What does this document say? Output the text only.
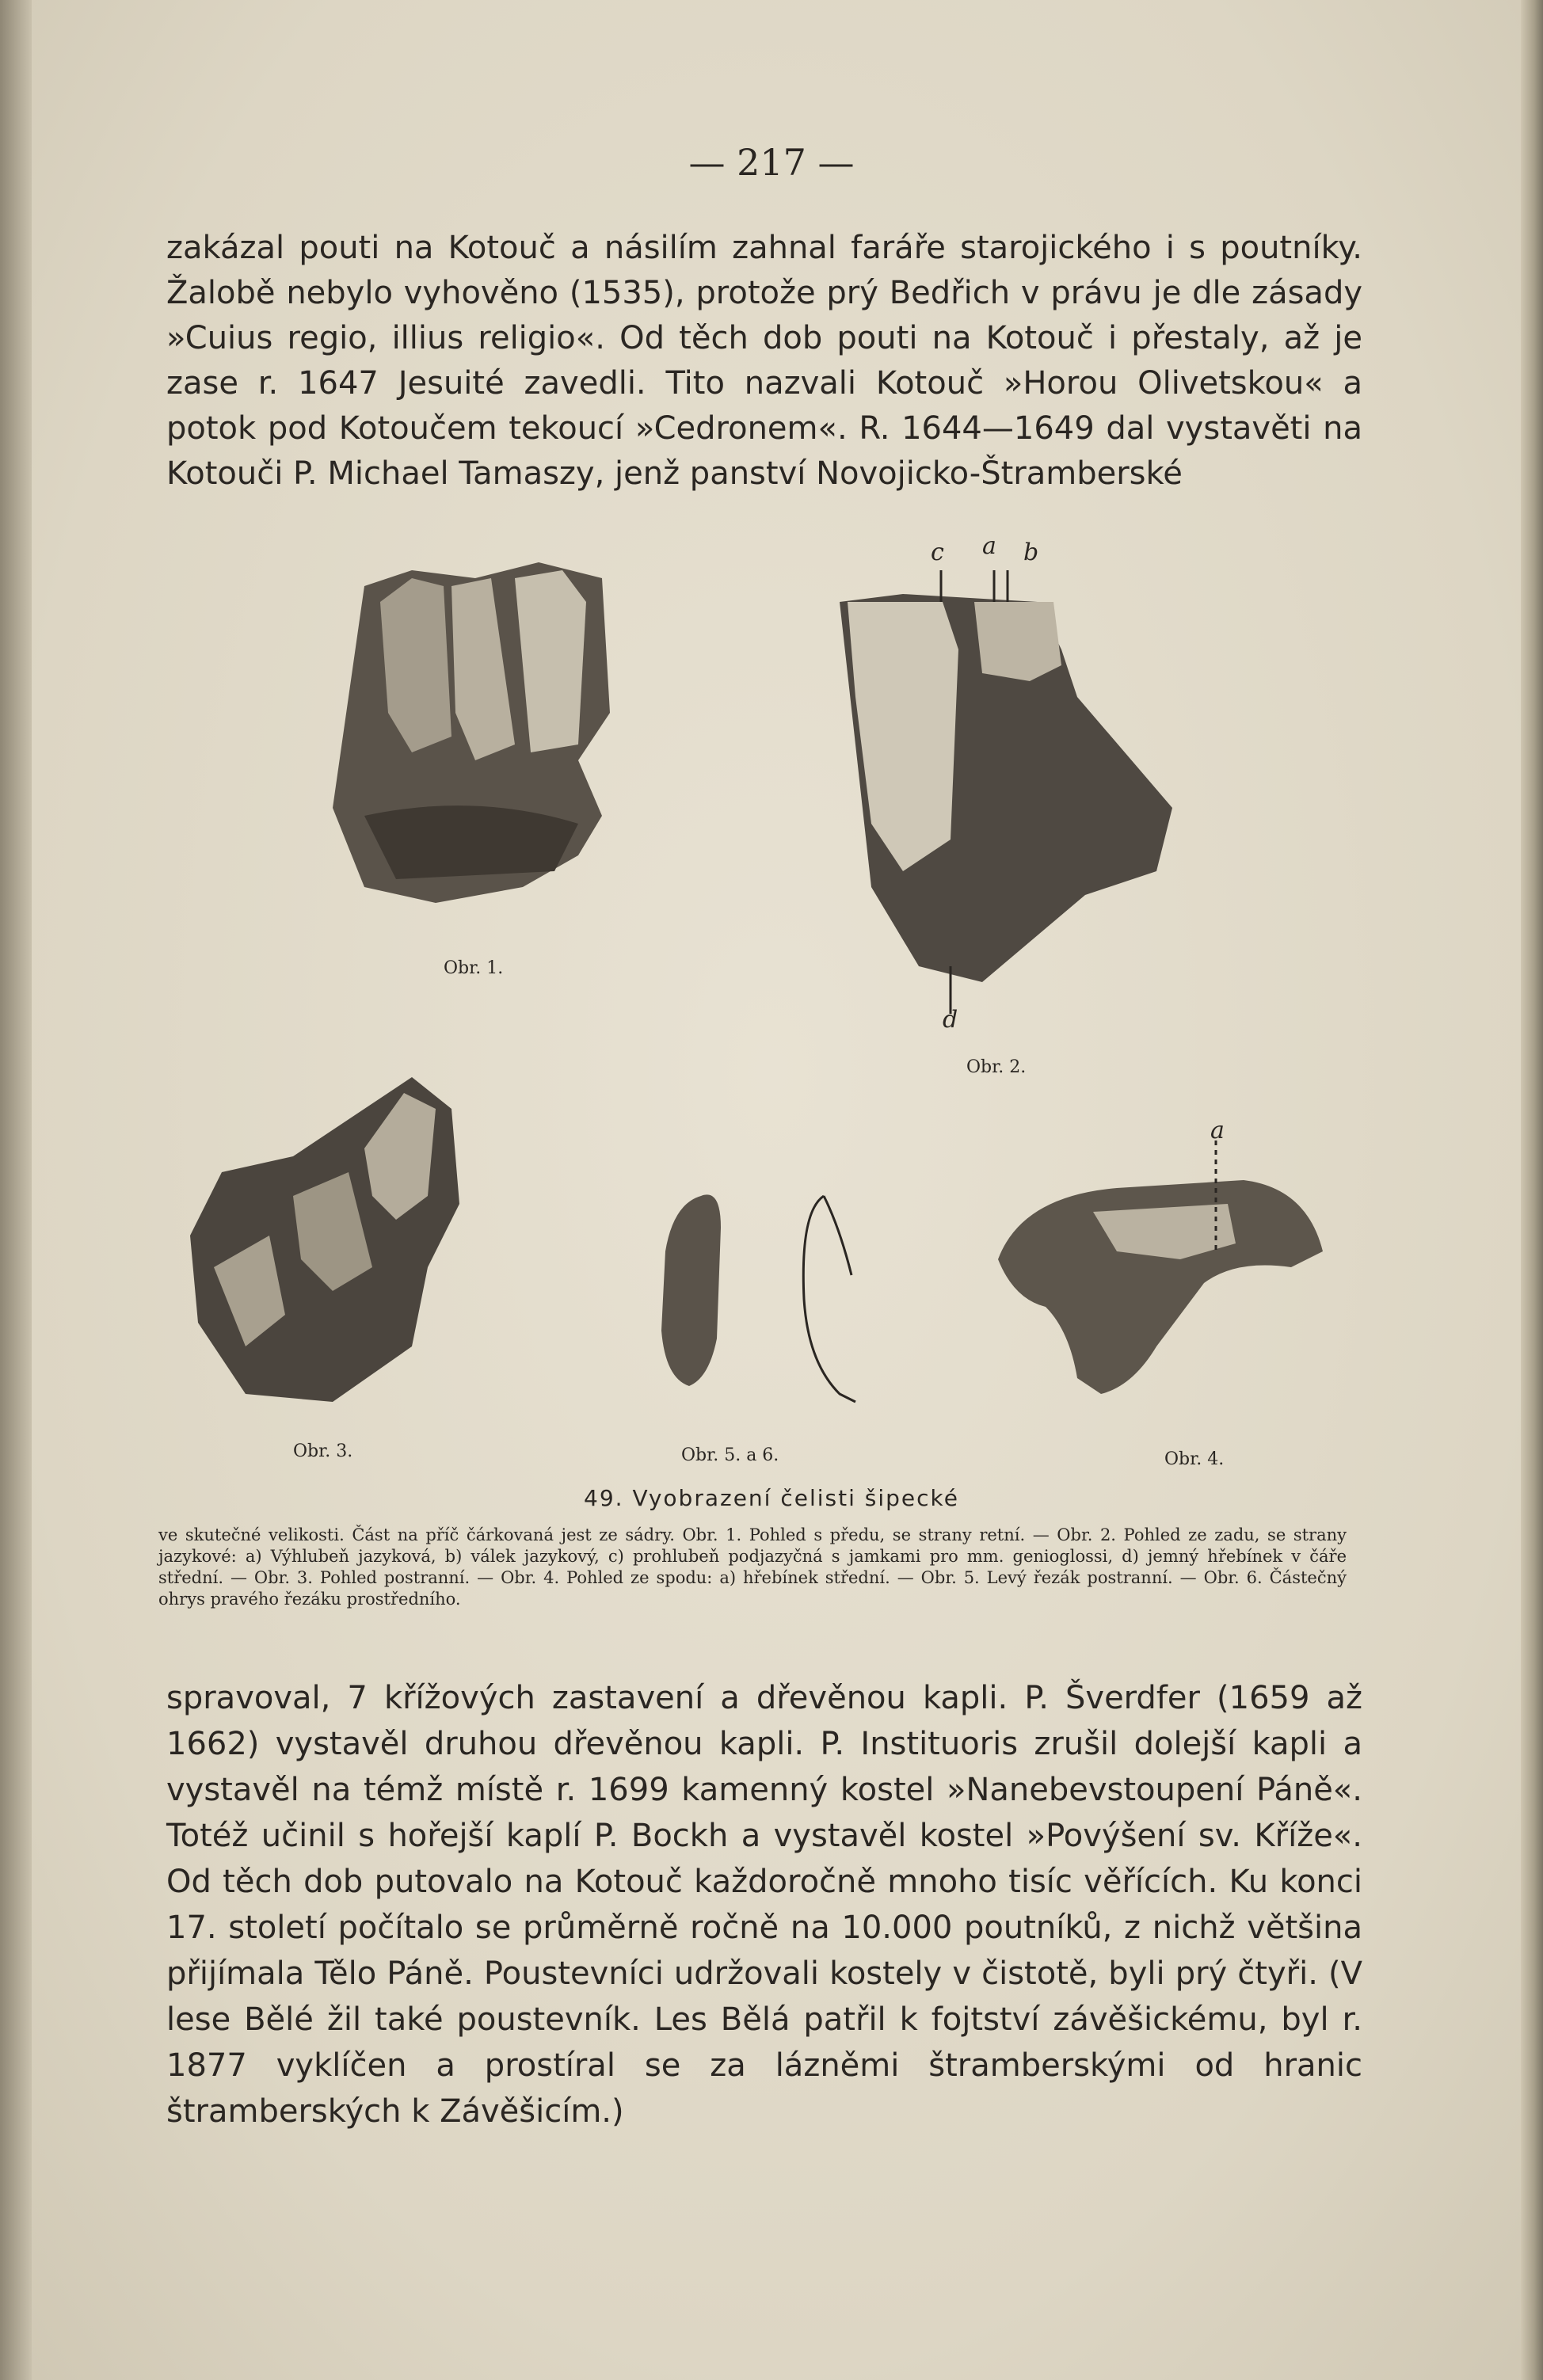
— 217 —

zakázal pouti na Kotouč a násilím zahnal faráře starojického i s poutníky. Žalobě nebylo vyhověno (1535), protože prý Bedřich v právu je dle zásady »Cuius regio, illius religio«. Od těch dob pouti na Kotouč i přestaly, až je zase r. 1647 Jesuité zavedli. Tito nazvali Kotouč »Horou Olivetskou« a potok pod Kotoučem tekoucí »Cedronem«. R. 1644—1649 dal vystavěti na Kotouči P. Michael Tamaszy, jenž panství Novojicko-Štramberské

Obr. 1.
c a b
d
Obr. 2.
Obr. 3.	Obr. 5. a 6.
a
Obr. 4.
49. Vyobrazení čelisti šipecké

ve skutečné velikosti. Část na příč čárkovaná jest ze sádry. Obr. 1. Pohled s předu, se strany retní. — Obr. 2. Pohled ze zadu, se strany jazykové: a) Výhlubeň jazyková, b) válek jazykový, c) prohlubeň podjazyčná s jamkami pro mm. genioglossi, d) jemný hřebínek v čáře střední. — Obr. 3. Pohled postranní. — Obr. 4. Pohled ze spodu: a) hřebínek střední. — Obr. 5. Levý řezák postranní. — Obr. 6. Částečný ohrys pravého řezáku prostředního.

spravoval, 7 křížových zastavení a dřevěnou kapli. P. Šverdfer (1659 až 1662) vystavěl druhou dřevěnou kapli. P. Instituoris zrušil dolejší kapli a vystavěl na témž místě r. 1699 kamenný kostel »Nanebevstoupení Páně«. Totéž učinil s hořejší kaplí P. Bockh a vystavěl kostel »Povýšení sv. Kříže«. Od těch dob putovalo na Kotouč každoročně mnoho tisíc věřících. Ku konci 17. století počítalo se průměrně ročně na 10.000 poutníků, z nichž většina přijímala Tělo Páně. Poustevníci udržovali kostely v čistotě, byli prý čtyři. (V lese Bělé žil také poustevník. Les Bělá patřil k fojtství závěšickému, byl r. 1877 vyklíčen a prostíral se za lázněmi štramberskými od hranic štramberských k Závěšicím.)
